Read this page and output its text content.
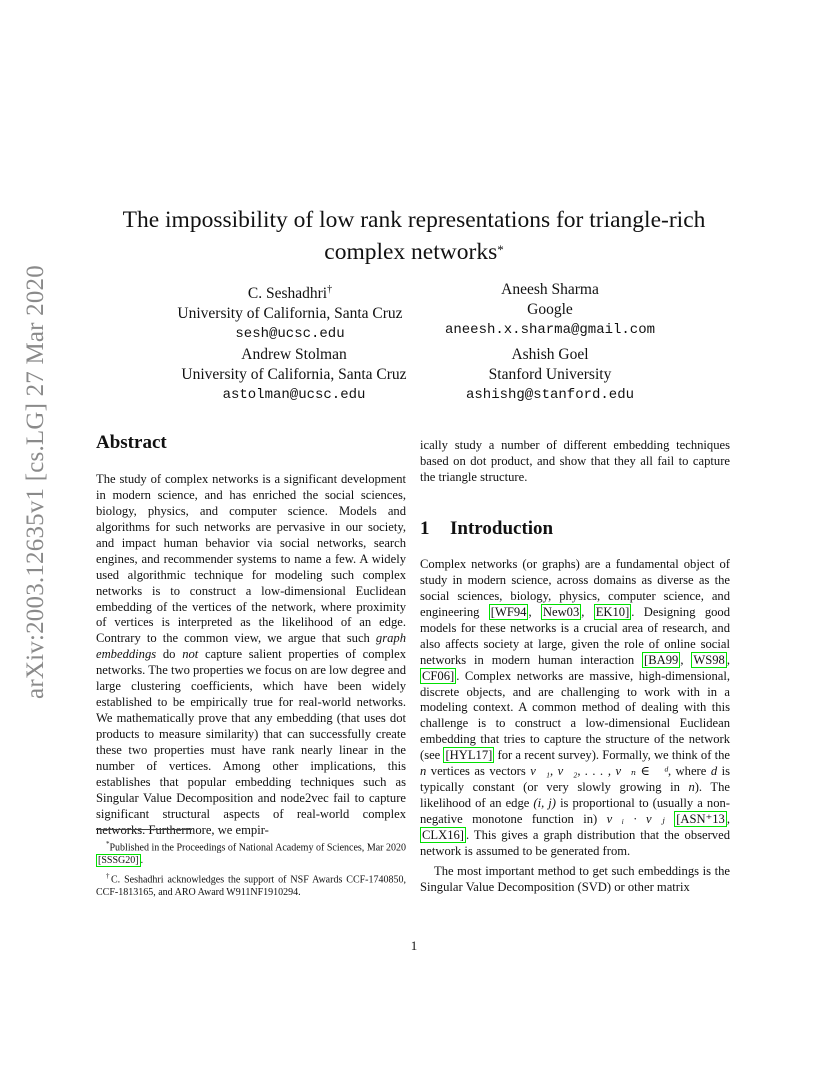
arXiv:2003.12635v1 [cs.LG] 27 Mar 2020
The impossibility of low rank representations for triangle-rich
complex networks*
C. Seshadhri†
University of California, Santa Cruz
sesh@ucsc.edu
Aneesh Sharma
Google
aneesh.x.sharma@gmail.com
Andrew Stolman
University of California, Santa Cruz
astolman@ucsc.edu
Ashish Goel
Stanford University
ashishg@stanford.edu
Abstract

The study of complex networks is a significant development in modern science, and has enriched the social sciences, biology, physics, and computer science. Models and algorithms for such networks are pervasive in our society, and impact human behavior via social networks, search engines, and recommender systems to name a few. A widely used algorithmic technique for modeling such complex networks is to construct a low-dimensional Euclidean embedding of the vertices of the network, where proximity of vertices is interpreted as the likelihood of an edge. Contrary to the common view, we argue that such graph embeddings do not capture salient properties of complex networks. The two properties we focus on are low degree and large clustering coefficients, which have been widely established to be empirically true for real-world networks. We mathematically prove that any embedding (that uses dot products to measure similarity) that can successfully create these two properties must have rank nearly linear in the number of vertices. Among other implications, this establishes that popular embedding techniques such as Singular Value Decomposition and node2vec fail to capture significant structural aspects of real-world complex networks. Furthermore, we empir-

*Published in the Proceedings of National Academy of Sciences, Mar 2020 [SSSG20] .

†C. Seshadhri acknowledges the support of NSF Awards CCF-1740850, CCF-1813165, and ARO Award W911NF1910294.

ically study a number of different embedding techniques based on dot product, and show that they all fail to capture the triangle structure.

1 Introduction

Complex networks (or graphs) are a fundamental object of study in modern science, across domains as diverse as the social sciences, biology, physics, computer science, and engineering [WF94 , New03 , EK10] . Designing good models for these networks is a crucial area of research, and also affects society at large, given the role of online social networks in modern human interaction [BA99 , WS98 , CF06] . Complex networks are massive, high-dimensional, discrete objects, and are challenging to work with in a modeling context. A common method of dealing with this challenge is to construct a low-dimensional Euclidean embedding that tries to capture the structure of the network (see [HYL17] for a recent survey). Formally, we think of the n vertices as vectors v⃗₁, v⃗₂, . . . , v⃗ₙ ∈ ℝᵈ, where d is typically constant (or very slowly growing in n). The likelihood of an edge (i, j) is proportional to (usually a non-negative monotone function in) v⃗ᵢ · v⃗ⱼ [ASN⁺13 , CLX16] . This gives a graph distribution that the observed network is assumed to be generated from.

The most important method to get such embeddings is the Singular Value Decomposition (SVD) or other matrix

1
